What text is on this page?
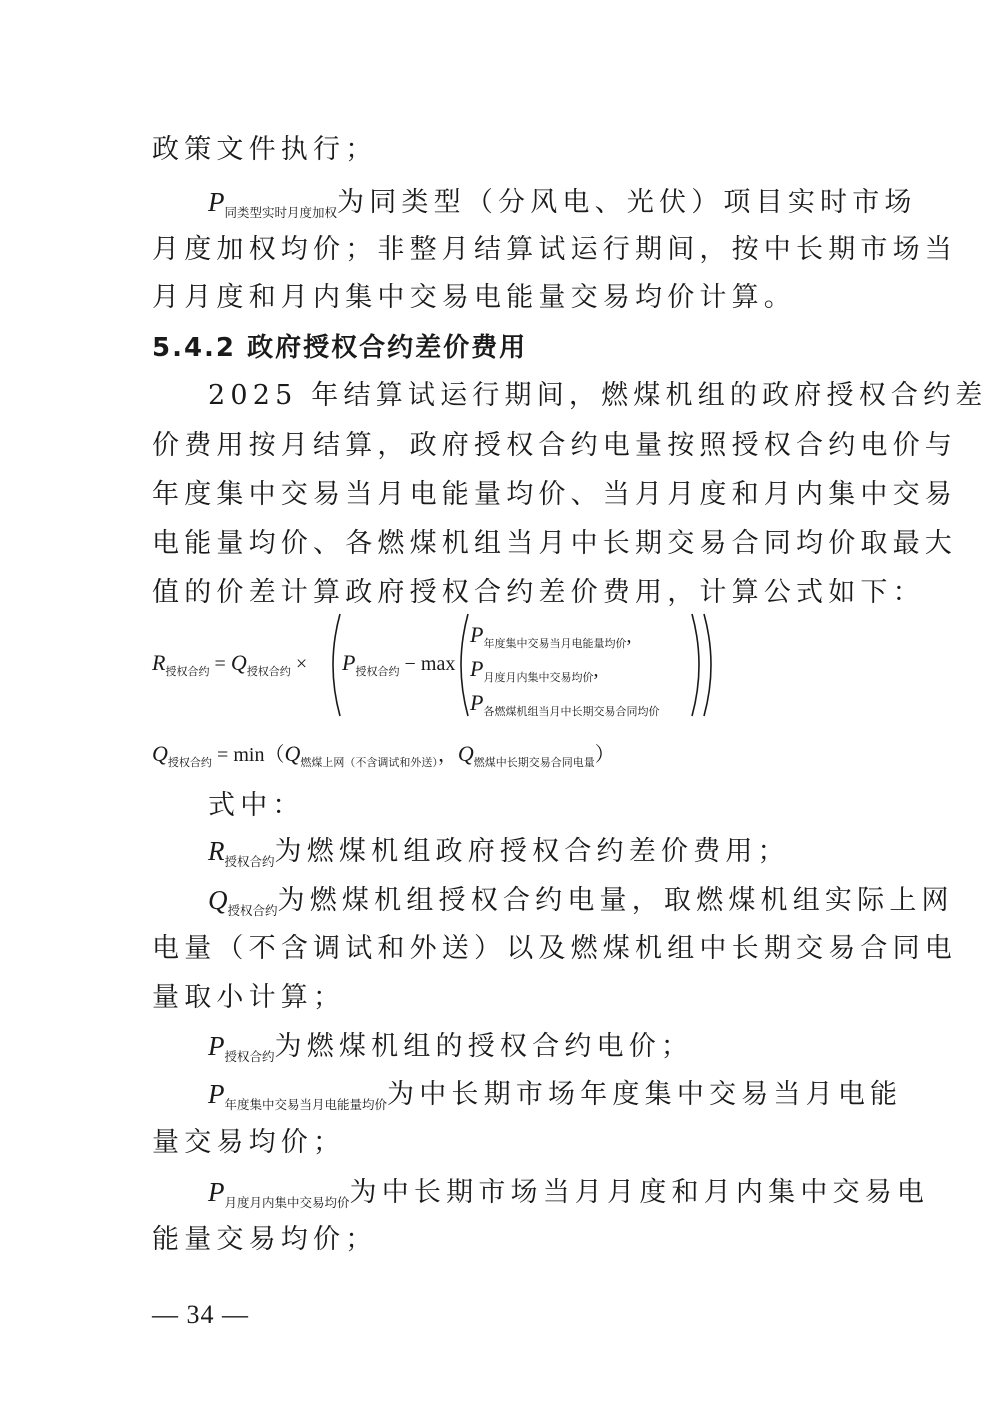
政策文件执行；
$P_{同类型实时月度加权}$为同类型（分风电、光伏）项目实时市场
月度加权均价；非整月结算试运行期间，按中长期市场当
月月度和月内集中交易电能量交易均价计算。
5.4.2 政府授权合约差价费用
2025 年结算试运行期间，燃煤机组的政府授权合约差
价费用按月结算，政府授权合约电量按照授权合约电价与
年度集中交易当月电能量均价、当月月度和月内集中交易
电能量均价、各燃煤机组当月中长期交易合同均价取最大
值的价差计算政府授权合约差价费用，计算公式如下：
$R_{授权合约} = Q_{授权合约} \times P_{授权合约} - \max$
$P_{年度集中交易当月电能量均价}$,
$P_{月度月内集中交易均价}$,
$P_{各燃煤机组当月中长期交易合同均价}$
$Q_{授权合约} = \min(Q_{燃煤上网(不含调试和外送)}$，$Q_{燃煤中长期交易合同电量}$）
式中：
$R_{授权合约}$为燃煤机组政府授权合约差价费用；
$Q_{授权合约}$为燃煤机组授权合约电量，取燃煤机组实际上网
电量（不含调试和外送）以及燃煤机组中长期交易合同电
量取小计算；
$P_{授权合约}$为燃煤机组的授权合约电价；
$P_{年度集中交易当月电能量均价}$为中长期市场年度集中交易当月电能
量交易均价；
$P_{月度月内集中交易均价}$为中长期市场当月月度和月内集中交易电
能量交易均价；
— 34 —
